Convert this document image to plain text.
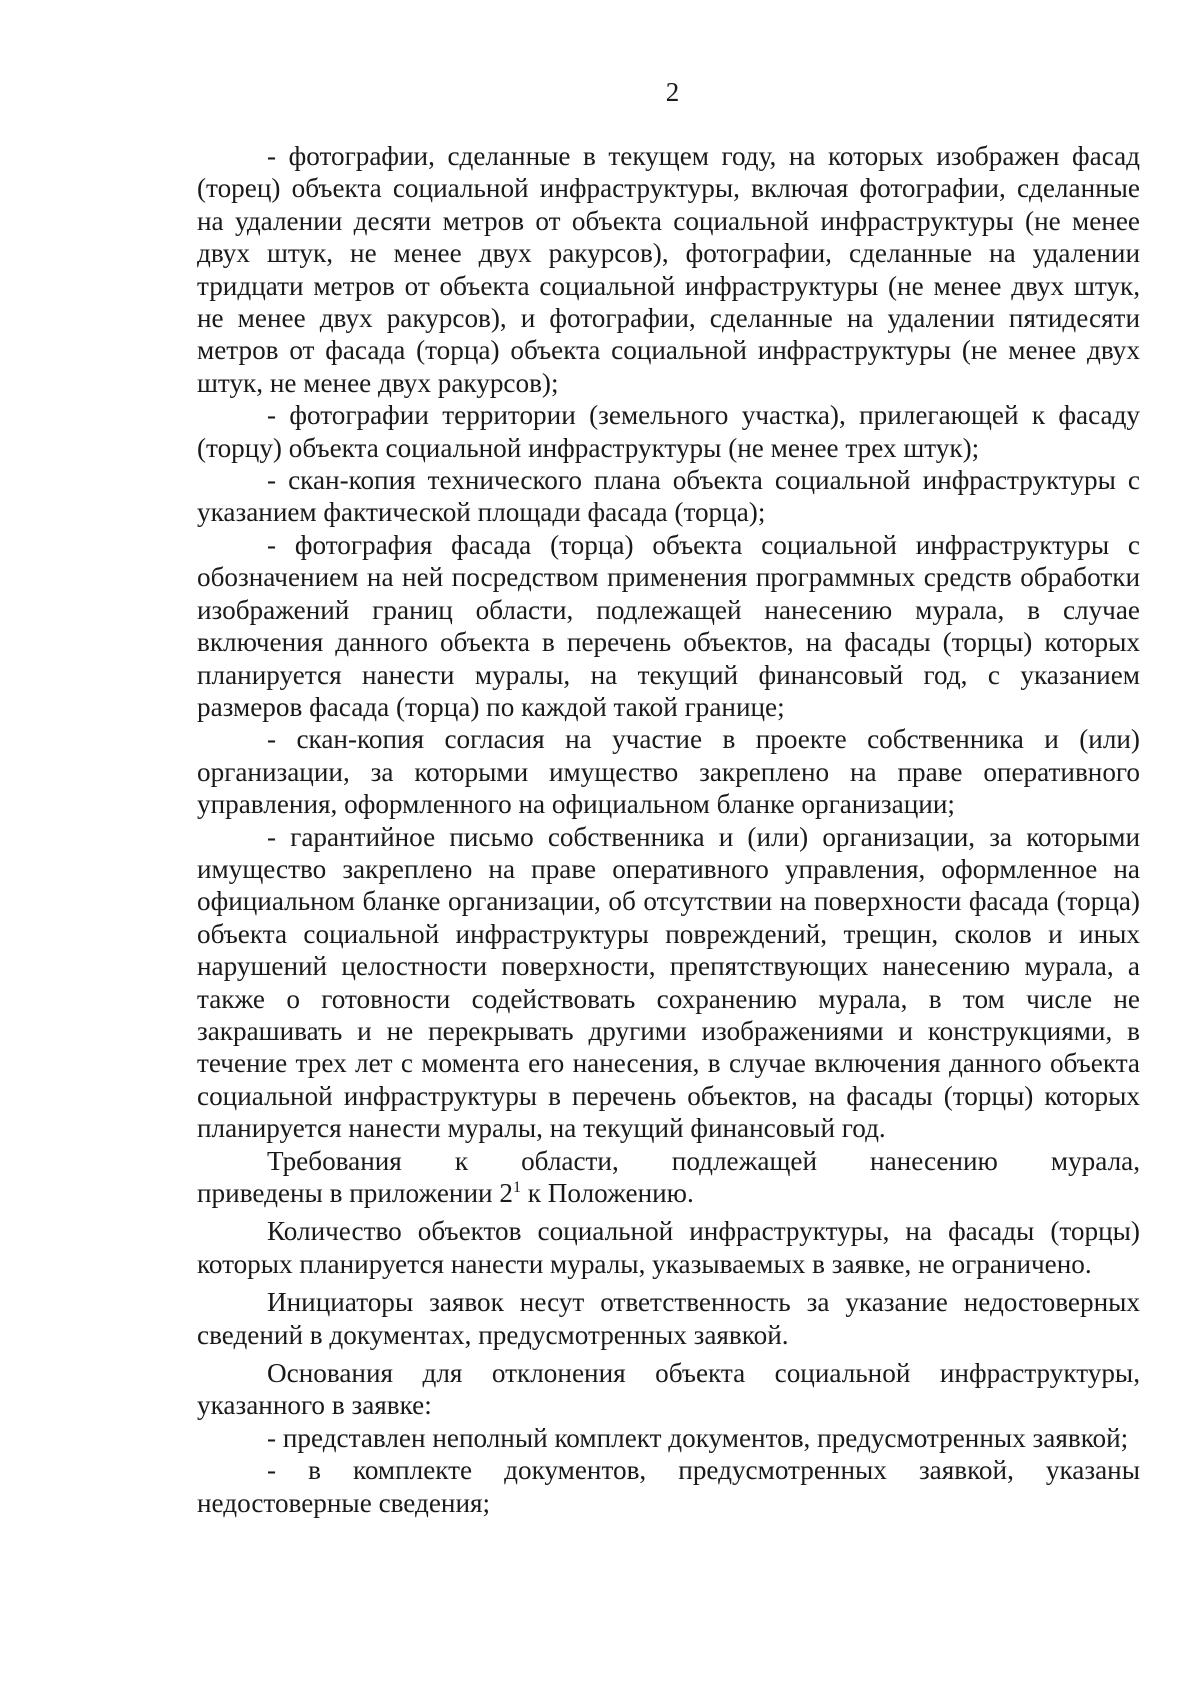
2

- фотографии, сделанные в текущем году, на которых изображен фасад (торец) объекта социальной инфраструктуры, включая фотографии, сделанные на удалении десяти метров от объекта социальной инфраструктуры (не менее двух штук, не менее двух ракурсов), фотографии, сделанные на удалении тридцати метров от объекта социальной инфраструктуры (не менее двух штук, не менее двух ракурсов), и фотографии, сделанные на удалении пятидесяти метров от фасада (торца) объекта социальной инфраструктуры (не менее двух штук, не менее двух ракурсов);

- фотографии территории (земельного участка), прилегающей к фасаду (торцу) объекта социальной инфраструктуры (не менее трех штук);

- скан-копия технического плана объекта социальной инфраструктуры с указанием фактической площади фасада (торца);

- фотография фасада (торца) объекта социальной инфраструктуры с обозначением на ней посредством применения программных средств обработки изображений границ области, подлежащей нанесению мурала, в случае включения данного объекта в перечень объектов, на фасады (торцы) которых планируется нанести муралы, на текущий финансовый год, с указанием размеров фасада (торца) по каждой такой границе;

- скан-копия согласия на участие в проекте собственника и (или) организации, за которыми имущество закреплено на праве оперативного управления, оформленного на официальном бланке организации;

- гарантийное письмо собственника и (или) организации, за которыми имущество закреплено на праве оперативного управления, оформленное на официальном бланке организации, об отсутствии на поверхности фасада (торца) объекта социальной инфраструктуры повреждений, трещин, сколов и иных нарушений целостности поверхности, препятствующих нанесению мурала, а также о готовности содействовать сохранению мурала, в том числе не закрашивать и не перекрывать другими изображениями и конструкциями, в течение трех лет с момента его нанесения, в случае включения данного объекта социальной инфраструктуры в перечень объектов, на фасады (торцы) которых планируется нанести муралы, на текущий финансовый год.

Требования к области, подлежащей нанесению мурала,
приведены в приложении $2^1$ к Положению.

Количество объектов социальной инфраструктуры, на фасады (торцы) которых планируется нанести муралы, указываемых в заявке, не ограничено.

Инициаторы заявок несут ответственность за указание недостоверных сведений в документах, предусмотренных заявкой.

Основания для отклонения объекта социальной инфраструктуры, указанного в заявке:

- представлен неполный комплект документов, предусмотренных заявкой;

- в комплекте документов, предусмотренных заявкой, указаны недостоверные сведения;
